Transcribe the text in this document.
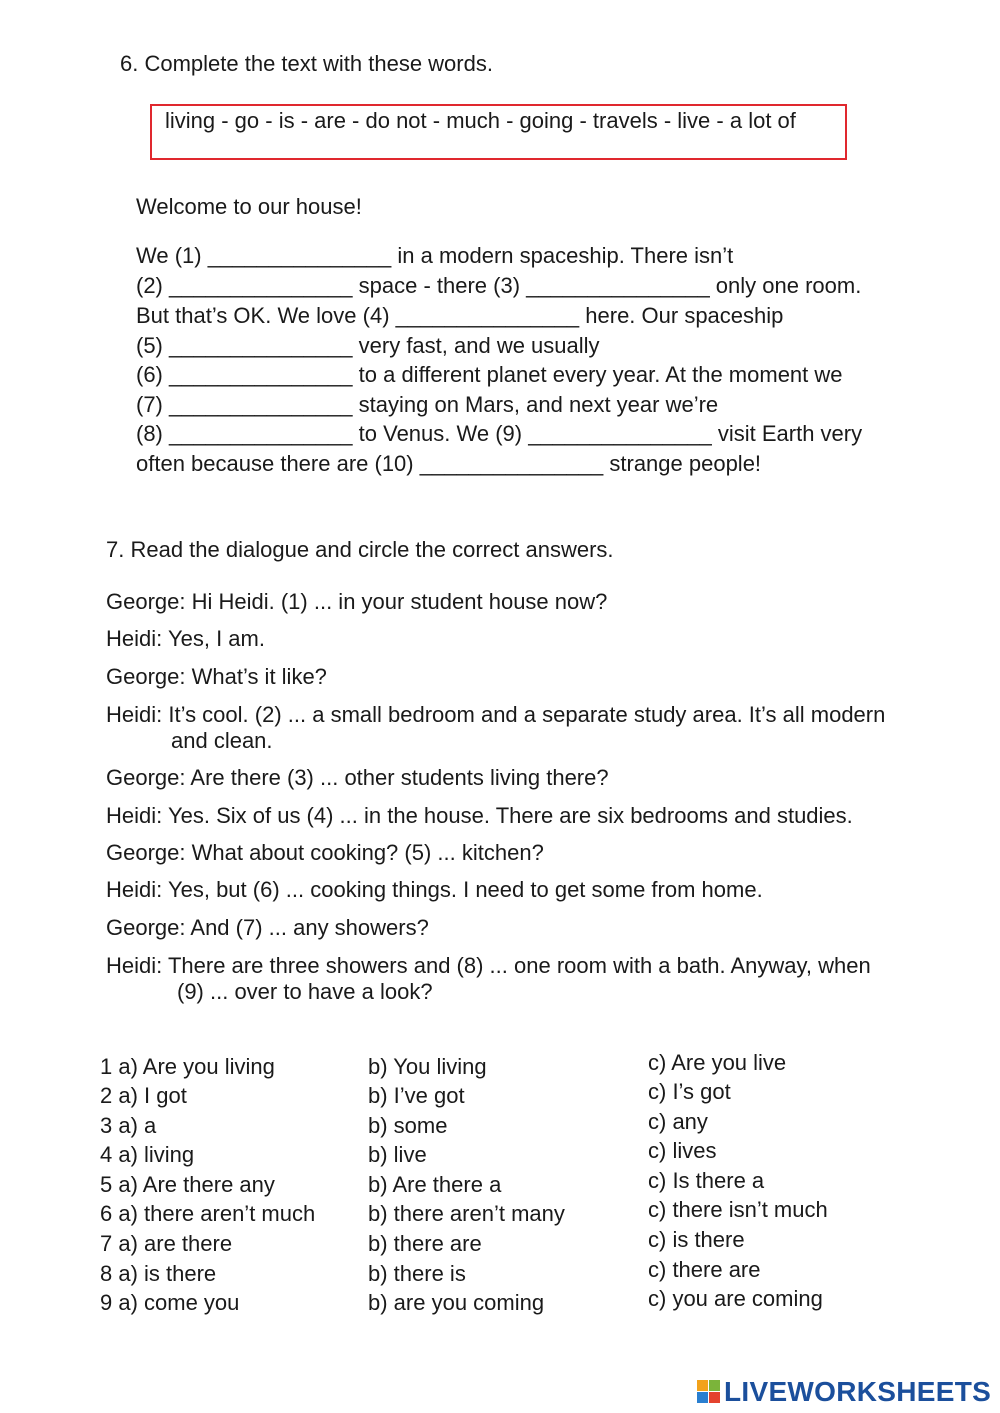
6. Complete the text with these words.
living - go - is - are - do not - much - going - travels - live - a lot of
Welcome to our house!
We (1) _______________ in a modern spaceship. There isn’t
(2) _______________ space - there (3) _______________ only one room.
But that’s OK. We love (4) _______________ here. Our spaceship
(5) _______________ very fast, and we usually
(6) _______________ to a different planet every year. At the moment we
(7) _______________ staying on Mars, and next year we’re
(8) _______________ to Venus. We (9) _______________ visit Earth very
often because there are (10) _______________ strange people!
7. Read the dialogue and circle the correct answers.
George: Hi Heidi. (1) ... in your student house now?
Heidi: Yes, I am.
George: What’s it like?
Heidi: It’s cool. (2) ... a small bedroom and a separate study area. It’s all modern
and clean.
George: Are there (3) ... other students living there?
Heidi: Yes. Six of us (4) ... in the house. There are six bedrooms and studies.
George: What about cooking? (5) ... kitchen?
Heidi: Yes, but (6) ... cooking things. I need to get some from home.
George: And (7) ... any showers?
Heidi: There are three showers and (8) ... one room with a bath. Anyway, when
(9) ... over to have a look?
1 a) Are you living	b) You living	c) Are you live
2 a) I got	b) I’ve got	c) I’s got
3 a) a	b) some	c) any
4 a) living	b) live	c) lives
5 a) Are there any	b) Are there a	c) Is there a
6 a) there aren’t much b) there aren’t many	c) there isn’t much
7 a) are there	b) there are	c) is there
8 a) is there	b) there is	c) there are
9 a) come you	b) are you coming	c) you are coming
LIVEWORKSHEETS
